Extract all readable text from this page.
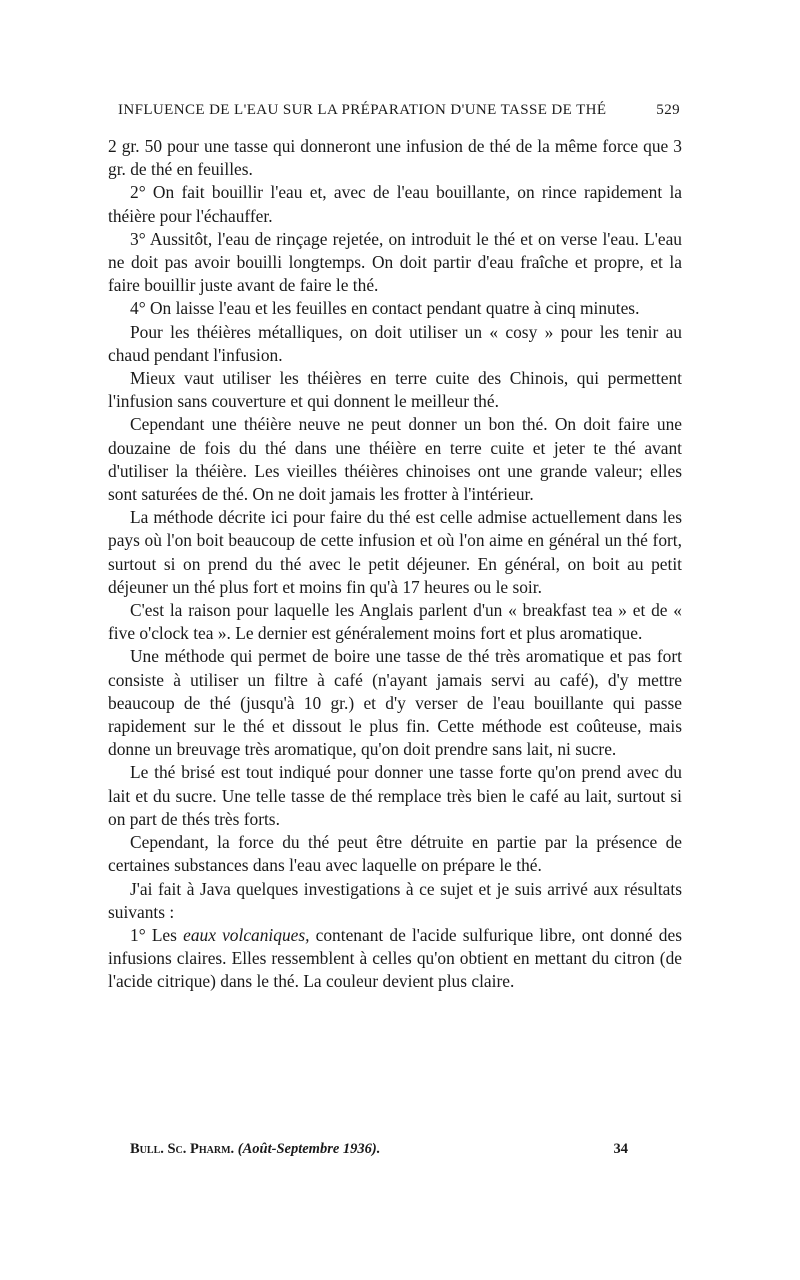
INFLUENCE DE L'EAU SUR LA PRÉPARATION D'UNE TASSE DE THÉ	529

2 gr. 50 pour une tasse qui donneront une infusion de thé de la même force que 3 gr. de thé en feuilles.

2° On fait bouillir l'eau et, avec de l'eau bouillante, on rince rapidement la théière pour l'échauffer.

3° Aussitôt, l'eau de rinçage rejetée, on introduit le thé et on verse l'eau. L'eau ne doit pas avoir bouilli longtemps. On doit partir d'eau fraîche et propre, et la faire bouillir juste avant de faire le thé.

4° On laisse l'eau et les feuilles en contact pendant quatre à cinq minutes.

Pour les théières métalliques, on doit utiliser un « cosy » pour les tenir au chaud pendant l'infusion.

Mieux vaut utiliser les théières en terre cuite des Chinois, qui permettent l'infusion sans couverture et qui donnent le meilleur thé.

Cependant une théière neuve ne peut donner un bon thé. On doit faire une douzaine de fois du thé dans une théière en terre cuite et jeter te thé avant d'utiliser la théière. Les vieilles théières chinoises ont une grande valeur; elles sont saturées de thé. On ne doit jamais les frotter à l'intérieur.

La méthode décrite ici pour faire du thé est celle admise actuellement dans les pays où l'on boit beaucoup de cette infusion et où l'on aime en général un thé fort, surtout si on prend du thé avec le petit déjeuner. En général, on boit au petit déjeuner un thé plus fort et moins fin qu'à 17 heures ou le soir.

C'est la raison pour laquelle les Anglais parlent d'un « breakfast tea » et de « five o'clock tea ». Le dernier est généralement moins fort et plus aromatique.

Une méthode qui permet de boire une tasse de thé très aromatique et pas fort consiste à utiliser un filtre à café (n'ayant jamais servi au café), d'y mettre beaucoup de thé (jusqu'à 10 gr.) et d'y verser de l'eau bouillante qui passe rapidement sur le thé et dissout le plus fin. Cette méthode est coûteuse, mais donne un breuvage très aromatique, qu'on doit prendre sans lait, ni sucre.

Le thé brisé est tout indiqué pour donner une tasse forte qu'on prend avec du lait et du sucre. Une telle tasse de thé remplace très bien le café au lait, surtout si on part de thés très forts.

Cependant, la force du thé peut être détruite en partie par la présence de certaines substances dans l'eau avec laquelle on prépare le thé.

J'ai fait à Java quelques investigations à ce sujet et je suis arrivé aux résultats suivants :

1° Les eaux volcaniques, contenant de l'acide sulfurique libre, ont donné des infusions claires. Elles ressemblent à celles qu'on obtient en mettant du citron (de l'acide citrique) dans le thé. La couleur devient plus claire.

Bull. Sc. Pharm. (Août-Septembre 1936).	34
